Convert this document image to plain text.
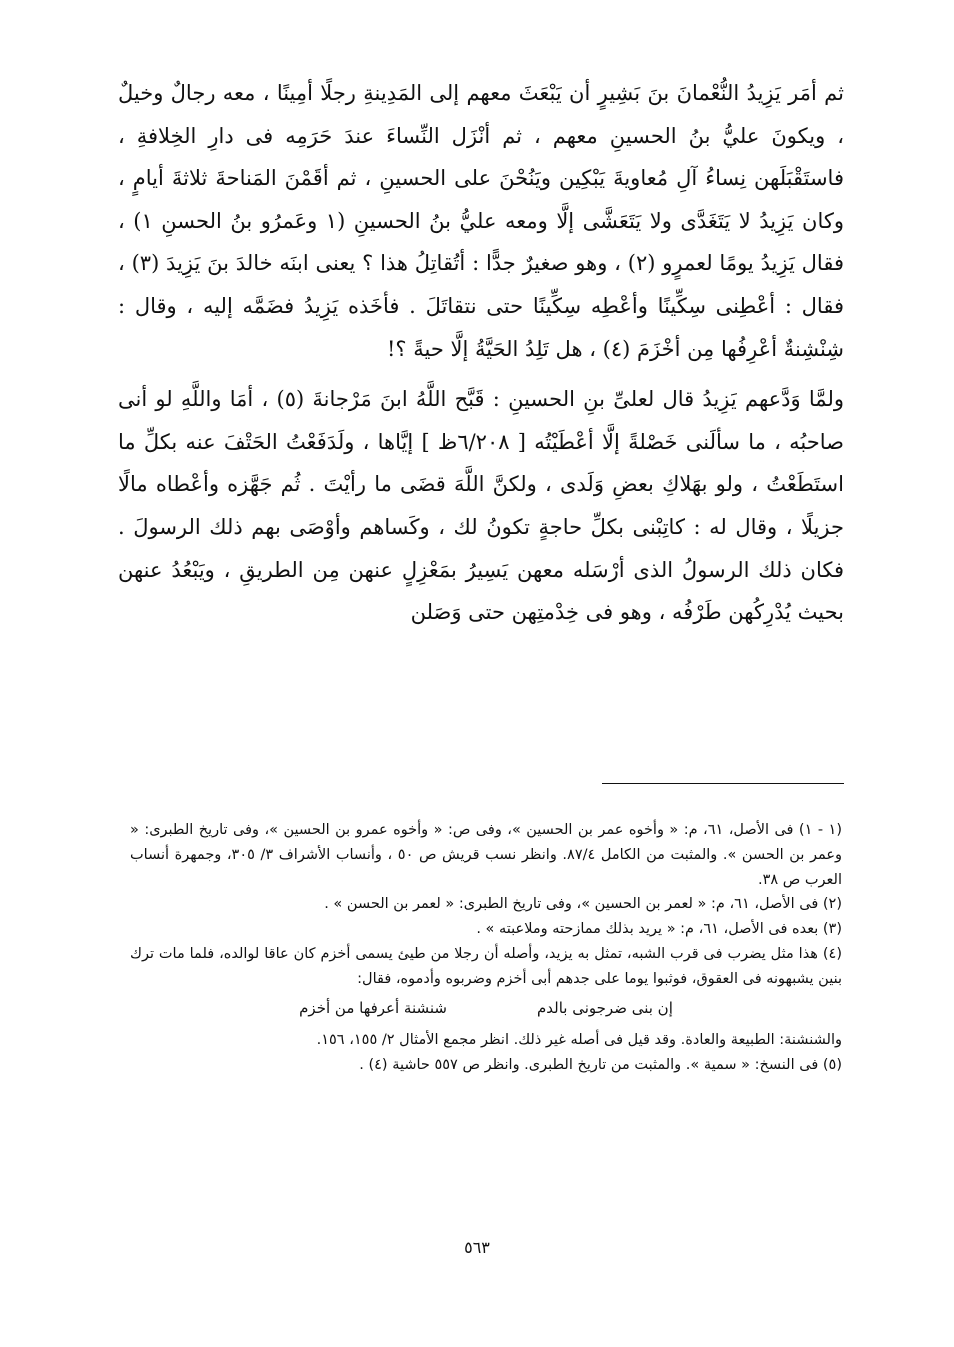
ثم أمَر يَزِيدُ النُّعْمانَ بنَ بَشِيرٍ أن يَبْعَثَ معهم إلى المَدِينةِ رجلًا أمِينًا ، معه رجالٌ وخيلٌ ، ويكونَ عليُّ بنُ الحسينِ معهم ، ثم أنْزَل النِّساءَ عندَ حَرَمِه فى دارِ الخِلافةِ ، فاستَقْبَلَهن نِساءُ آلِ مُعاويةَ يَبْكِين ويَنُحْنَ على الحسينِ ، ثم أقَمْنَ المَناحةَ ثلاثةَ أيامٍ ، وكان يَزِيدُ لا يَتَغَدَّى ولا يَتَعَشَّى إلَّا ومعه عليُّ بنُ الحسينِ (١ وعَمرُو بنُ الحسنِ ١) ، فقال يَزِيدُ يومًا لعمرٍو (٢) ، وهو صغيرٌ جدًّا : أتُقاتِلُ هذا ؟ يعنى ابنَه خالدَ بنَ يَزِيدَ (٣) ، فقال : أعْطِنى سِكِّينًا وأعْطِه سِكِّينًا حتى نتقاتَلَ . فأخَذه يَزِيدُ فضَمَّه إليه ، وقال : شِنْشِنةٌ أعْرِفُها مِن أخْزَمَ (٤) ، هل تَلِدُ الحَيَّةُ إلَّا حيةً ؟!

ولمَّا وَدَّعهم يَزِيدُ قال لعلىِّ بنِ الحسينِ : قَبَّح اللَّهُ ابنَ مَرْجانةَ (٥) ، أمَا واللَّهِ لو أنى صاحبُه ، ما سألَنى خَصْلةً إلَّا أعْطَيْتُه [ ٦/٢٠٨ظ ] إيَّاها ، ولَدَفَعْتُ الحَتْفَ عنه بكلِّ ما استَطَعْتُ ، ولو بهَلاكِ بعضِ وَلَدى ، ولكنَّ اللَّهَ قضَى ما رأيْتَ . ثُم جَهَّزه وأعْطاه مالًا جزيلًا ، وقال له : كاتِبْنى بكلِّ حاجةٍ تكونُ لك ، وكَساهم وأوْصَى بهم ذلك الرسولَ . فكان ذلك الرسولُ الذى أرْسَله معهن يَسِيرُ بمَعْزِلٍ عنهن مِن الطريقِ ، ويَبْعُدُ عنهن بحيث يُدْرِكُهن طَرْفُه ، وهو فى خِدْمتِهن حتى وَصَلن

(١ - ١) فى الأصل، ٦١، م: « وأخوه عمر بن الحسين »، وفى ص: « وأخوه عمرو بن الحسين »، وفى تاريخ الطبرى: « وعمر بن الحسن ». والمثبت من الكامل ٨٧/٤. وانظر نسب قريش ص ٥٠ ، وأنساب الأشراف ٣/ ٣٠٥، وجمهرة أنساب العرب ص ٣٨.

(٢) فى الأصل، ٦١، م: « لعمر بن الحسين »، وفى تاريخ الطبرى: « لعمر بن الحسن » .

(٣) بعده فى الأصل، ٦١، م: « يريد بذلك ممازحته وملاعبته » .

(٤) هذا مثل يضرب فى قرب الشبه، تمثل به يزيد، وأصله أن رجلا من طيئ يسمى أخزم كان عاقا لوالده، فلما مات ترك بنين يشبهونه فى العقوق، فوثبوا يوما على جدهم أبى أخزم وضربوه وأدموه، فقال:

إن بنى ضرجونى بالدم
شنشنة أعرفها من أخزم

والشنشنة: الطبيعة والعادة. وقد قيل فى أصله غير ذلك. انظر مجمع الأمثال ٢/ ١٥٥، ١٥٦.

(٥) فى النسخ: « سمية ». والمثبت من تاريخ الطبرى. وانظر ص ٥٥٧ حاشية (٤) .

٥٦٣
